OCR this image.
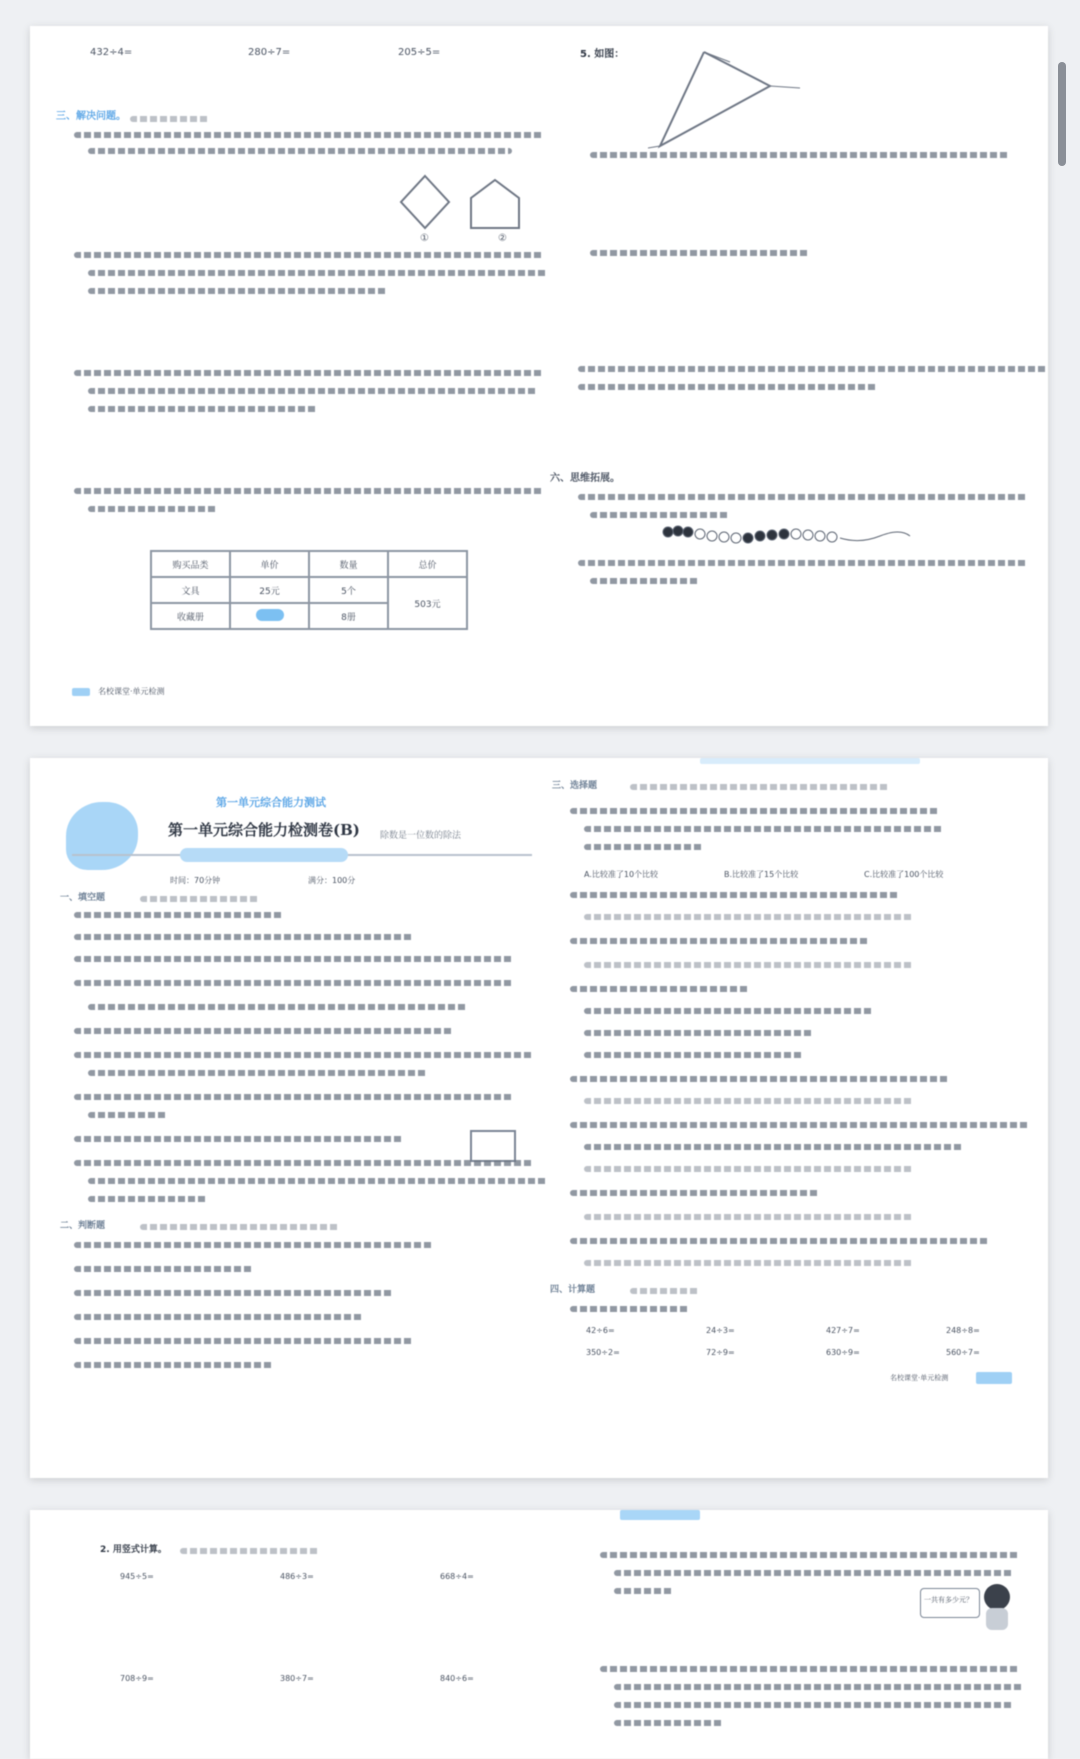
432÷4=	280÷7=	205÷5=
三、解决问题。
①	②
购买品类	单价	数量	总价
文具	25元	5个	503元
收藏册		8册	
名校课堂·单元检测
5. 如图：
六、思维拓展。
第一单元综合能力测试
第一单元综合能力检测卷(B) 除数是一位数的除法
时间：70分钟	满分：100分
一、填空题
二、判断题
三、选择题
A.比较准了10个比较	B.比较准了15个比较	C.比较准了100个比较
四、计算题
42÷6=	24÷3=	427÷7=	248÷8=
350÷2=	72÷9=	630÷9=	560÷7=
名校课堂·单元检测
2. 用竖式计算。
945÷5=	486÷3=	668÷4=
708÷9=	380÷7=	840÷6=
一共有多少元？
